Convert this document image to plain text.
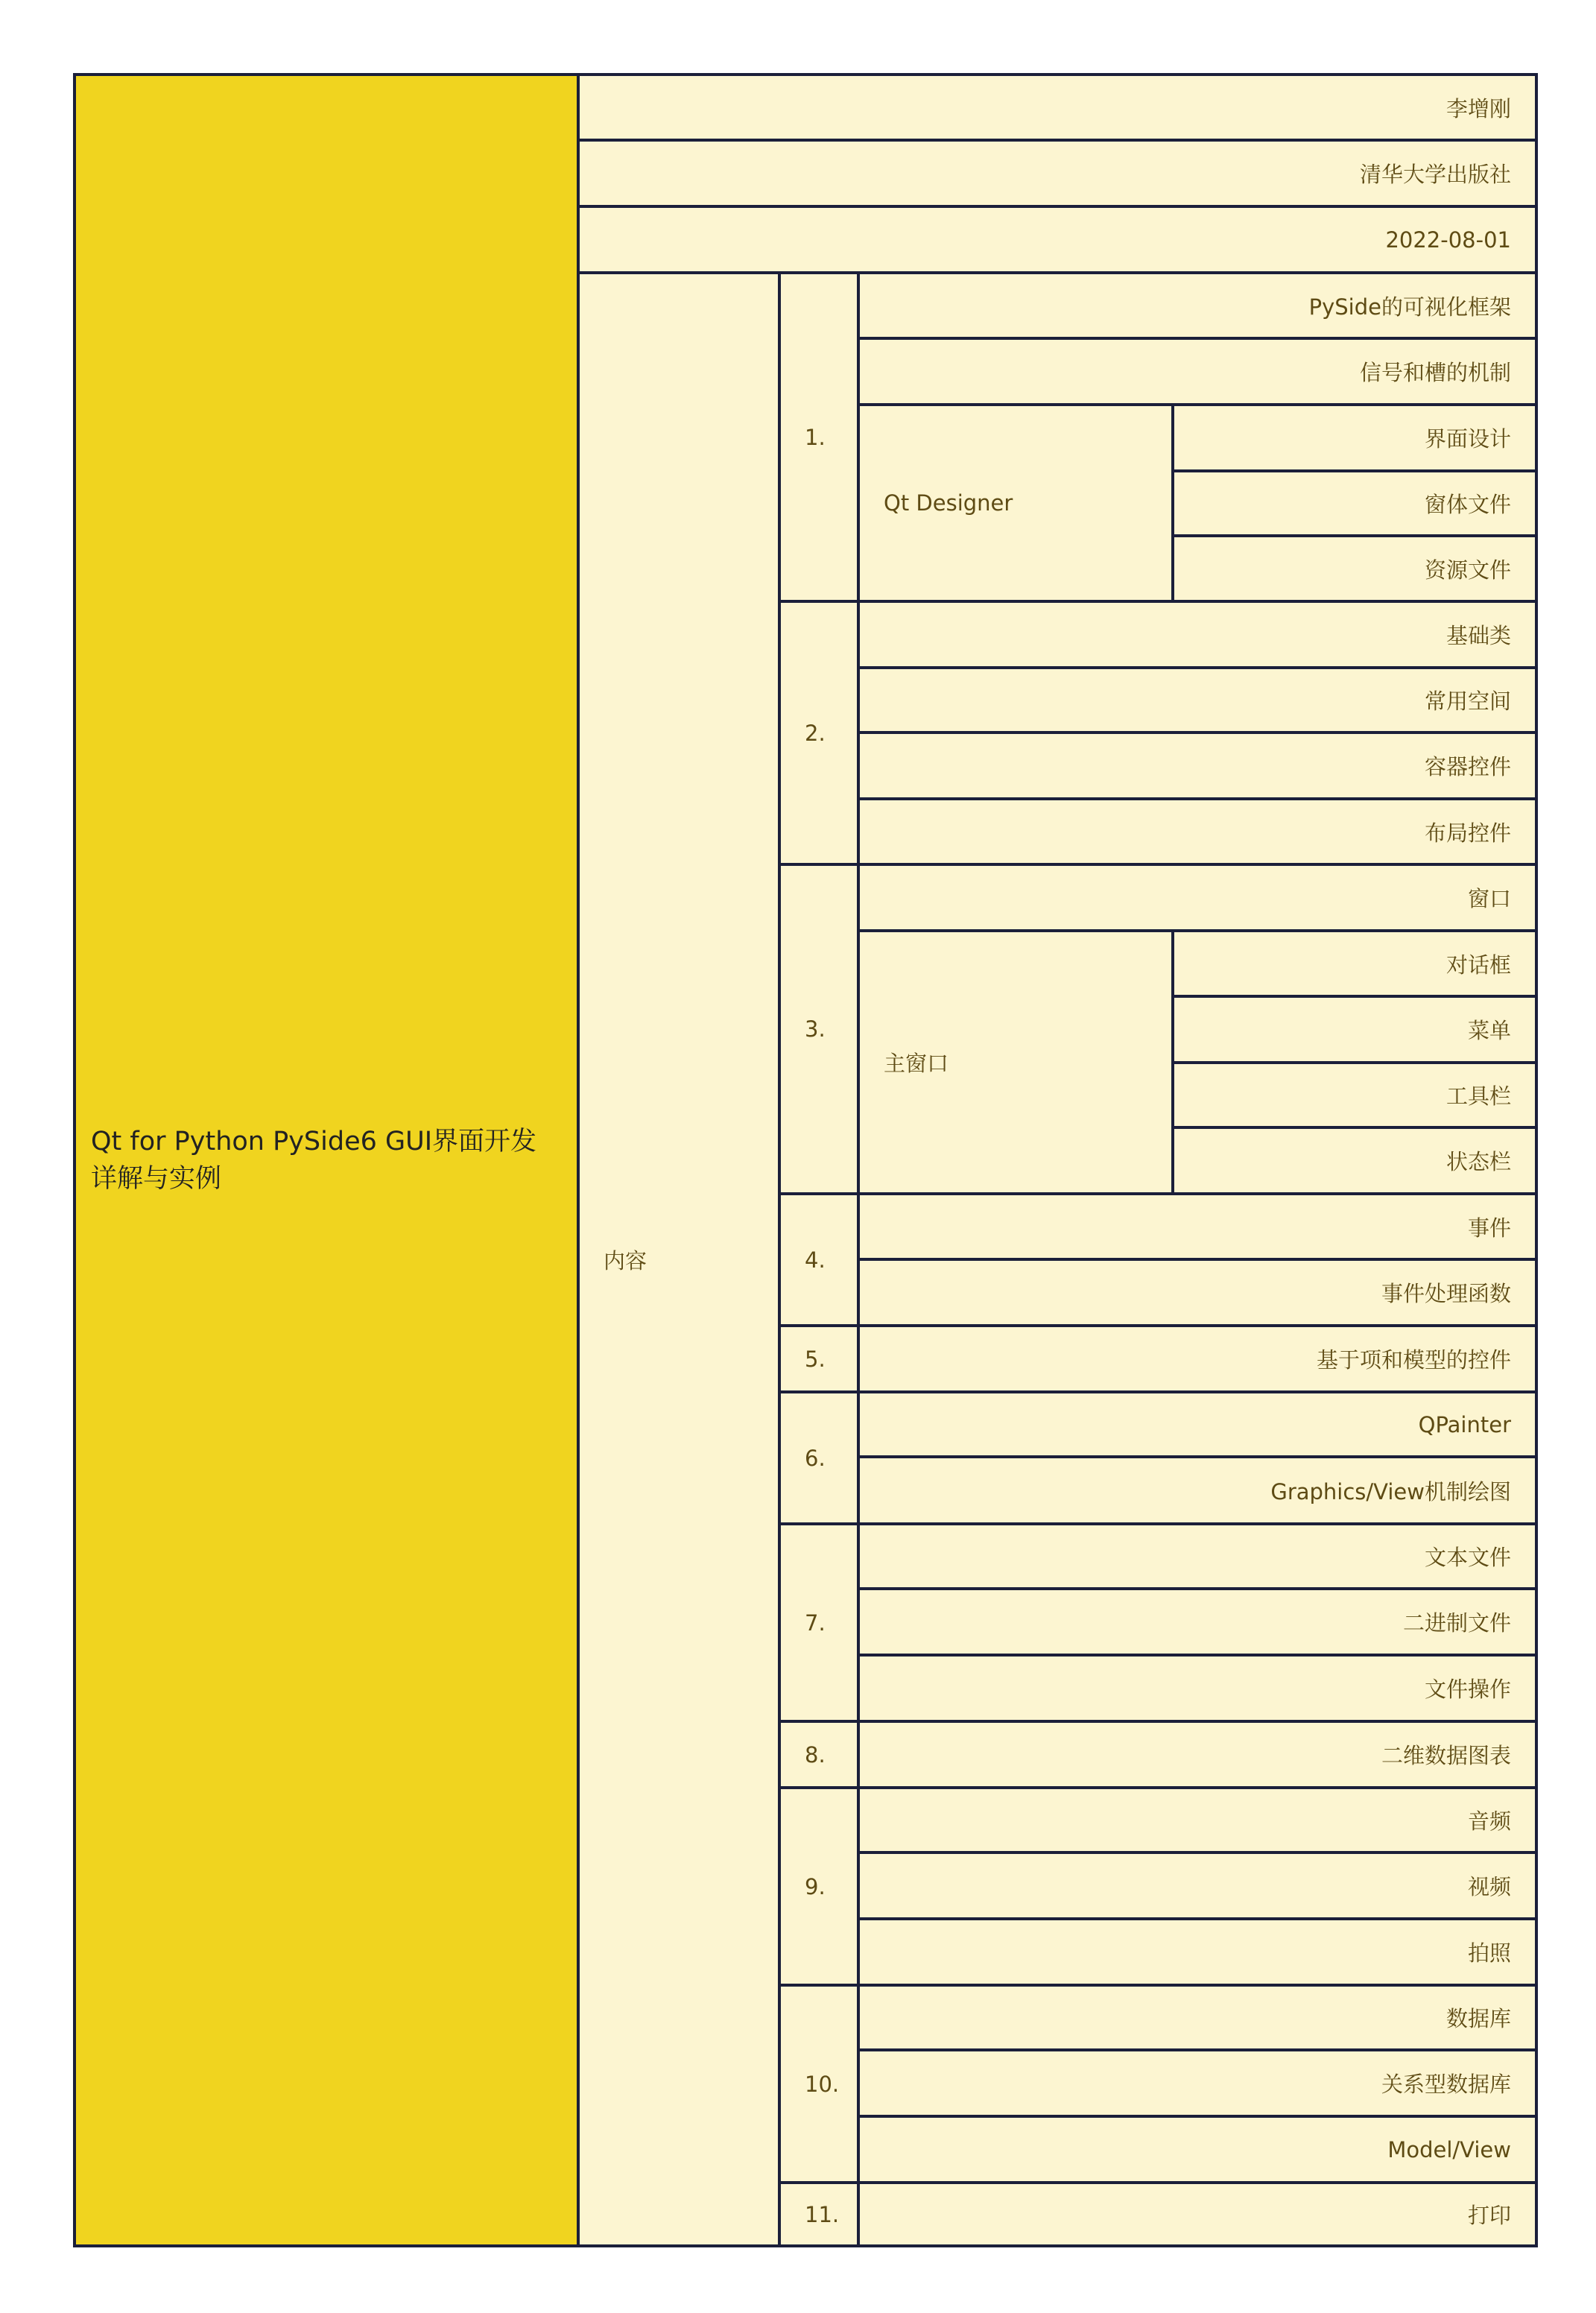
Qt for Python PySide6 GUI界面开发详解与实例
李增刚
清华大学出版社
2022-08-01
内容
1.
2.
3.
4.
5.
6.
7.
8.
9.
10.
11.
PySide的可视化框架
信号和槽的机制
Qt Designer
界面设计
窗体文件
资源文件
基础类
常用空间
容器控件
布局控件
窗口
主窗口
对话框
菜单
工具栏
状态栏
事件
事件处理函数
基于项和模型的控件
QPainter
Graphics/View机制绘图
文本文件
二进制文件
文件操作
二维数据图表
音频
视频
拍照
数据库
关系型数据库
Model/View
打印
